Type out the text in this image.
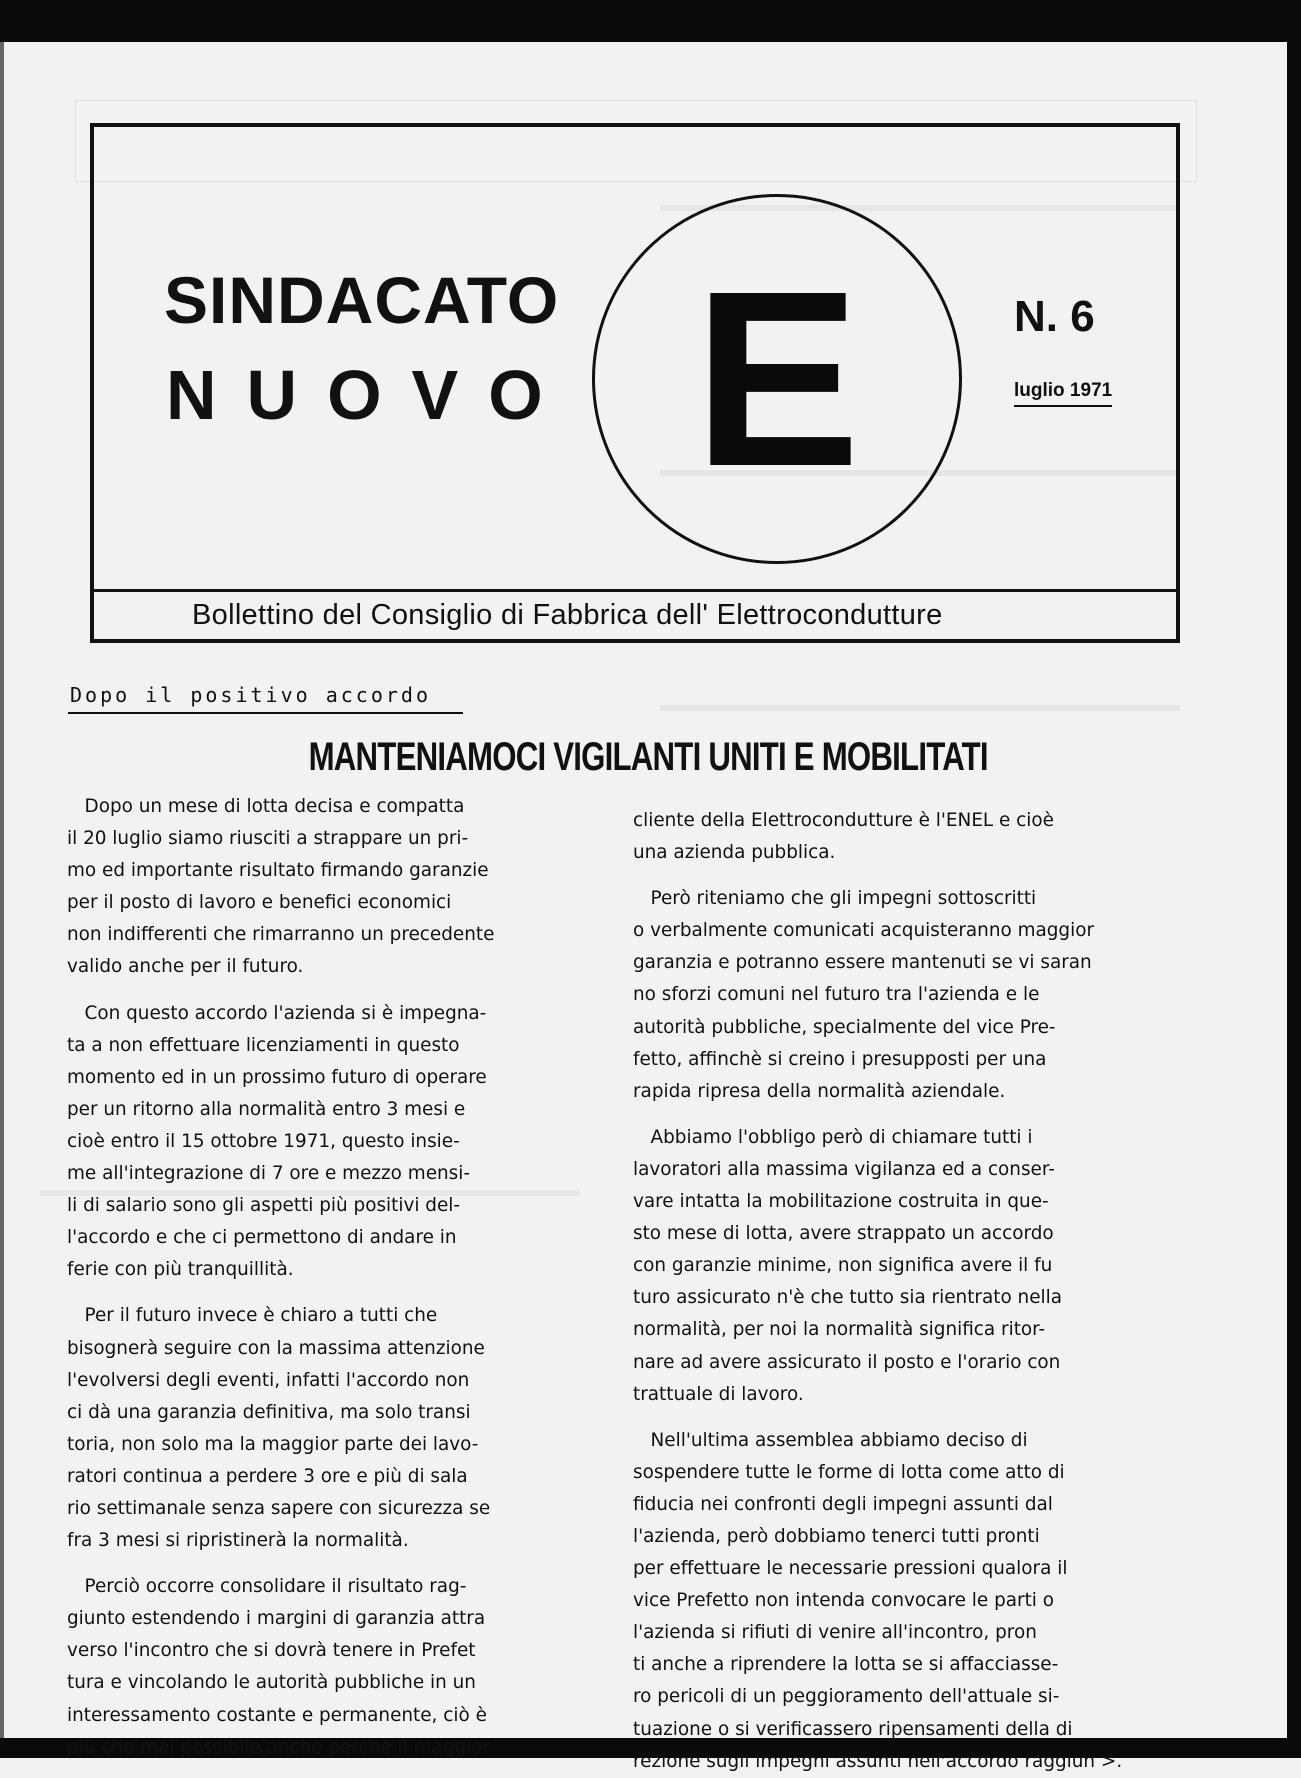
SINDACATO
NUOVO E	N. 6
luglio 1971
Bollettino del Consiglio di Fabbrica dell' Elettrocondutture
Dopo il positivo accordo
MANTENIAMOCI VIGILANTI UNITI E MOBILITATI

Dopo un mese di lotta decisa e compatta

il 20 luglio siamo riusciti a strappare un pri-

mo ed importante risultato firmando garanzie

per il posto di lavoro e benefici economici

non indifferenti che rimarranno un precedente

valido anche per il futuro.

Con questo accordo l'azienda si è impegna-

ta a non effettuare licenziamenti in questo

momento ed in un prossimo futuro di operare

per un ritorno alla normalità entro 3 mesi e

cioè entro il 15 ottobre 1971, questo insie-

me all'integrazione di 7 ore e mezzo mensi-

li di salario sono gli aspetti più positivi del-

l'accordo e che ci permettono di andare in

ferie con più tranquillità.

Per il futuro invece è chiaro a tutti che

bisognerà seguire con la massima attenzione

l'evolversi degli eventi, infatti l'accordo non

ci dà una garanzia definitiva, ma solo transi

toria, non solo ma la maggior parte dei lavo-

ratori continua a perdere 3 ore e più di sala

rio settimanale senza sapere con sicurezza se

fra 3 mesi si ripristinerà la normalità.

Perciò occorre consolidare il risultato rag-

giunto estendendo i margini di garanzia attra

verso l'incontro che si dovrà tenere in Prefet

tura e vincolando le autorità pubbliche in un

interessamento costante e permanente, ciò è

più che mai possibile anche perchè il maggior

cliente della Elettrocondutture è l'ENEL e cioè

una azienda pubblica.

Però riteniamo che gli impegni sottoscritti

o verbalmente comunicati acquisteranno maggior

garanzia e potranno essere mantenuti se vi saran

no sforzi comuni nel futuro tra l'azienda e le

autorità pubbliche, specialmente del vice Pre-

fetto, affinchè si creino i presupposti per una

rapida ripresa della normalità aziendale.

Abbiamo l'obbligo però di chiamare tutti i

lavoratori alla massima vigilanza ed a conser-

vare intatta la mobilitazione costruita in que-

sto mese di lotta, avere strappato un accordo

con garanzie minime, non significa avere il fu

turo assicurato n'è che tutto sia rientrato nella

normalità, per noi la normalità significa ritor-

nare ad avere assicurato il posto e l'orario con

trattuale di lavoro.

Nell'ultima assemblea abbiamo deciso di

sospendere tutte le forme di lotta come atto di

fiducia nei confronti degli impegni assunti dal

l'azienda, però dobbiamo tenerci tutti pronti

per effettuare le necessarie pressioni qualora il

vice Prefetto non intenda convocare le parti o

l'azienda si rifiuti di venire all'incontro, pron

ti anche a riprendere la lotta se si affacciasse-

ro pericoli di un peggioramento dell'attuale si-

tuazione o si verificassero ripensamenti della di

rezione sugli impegni assunti nell'accordo raggiun >.
